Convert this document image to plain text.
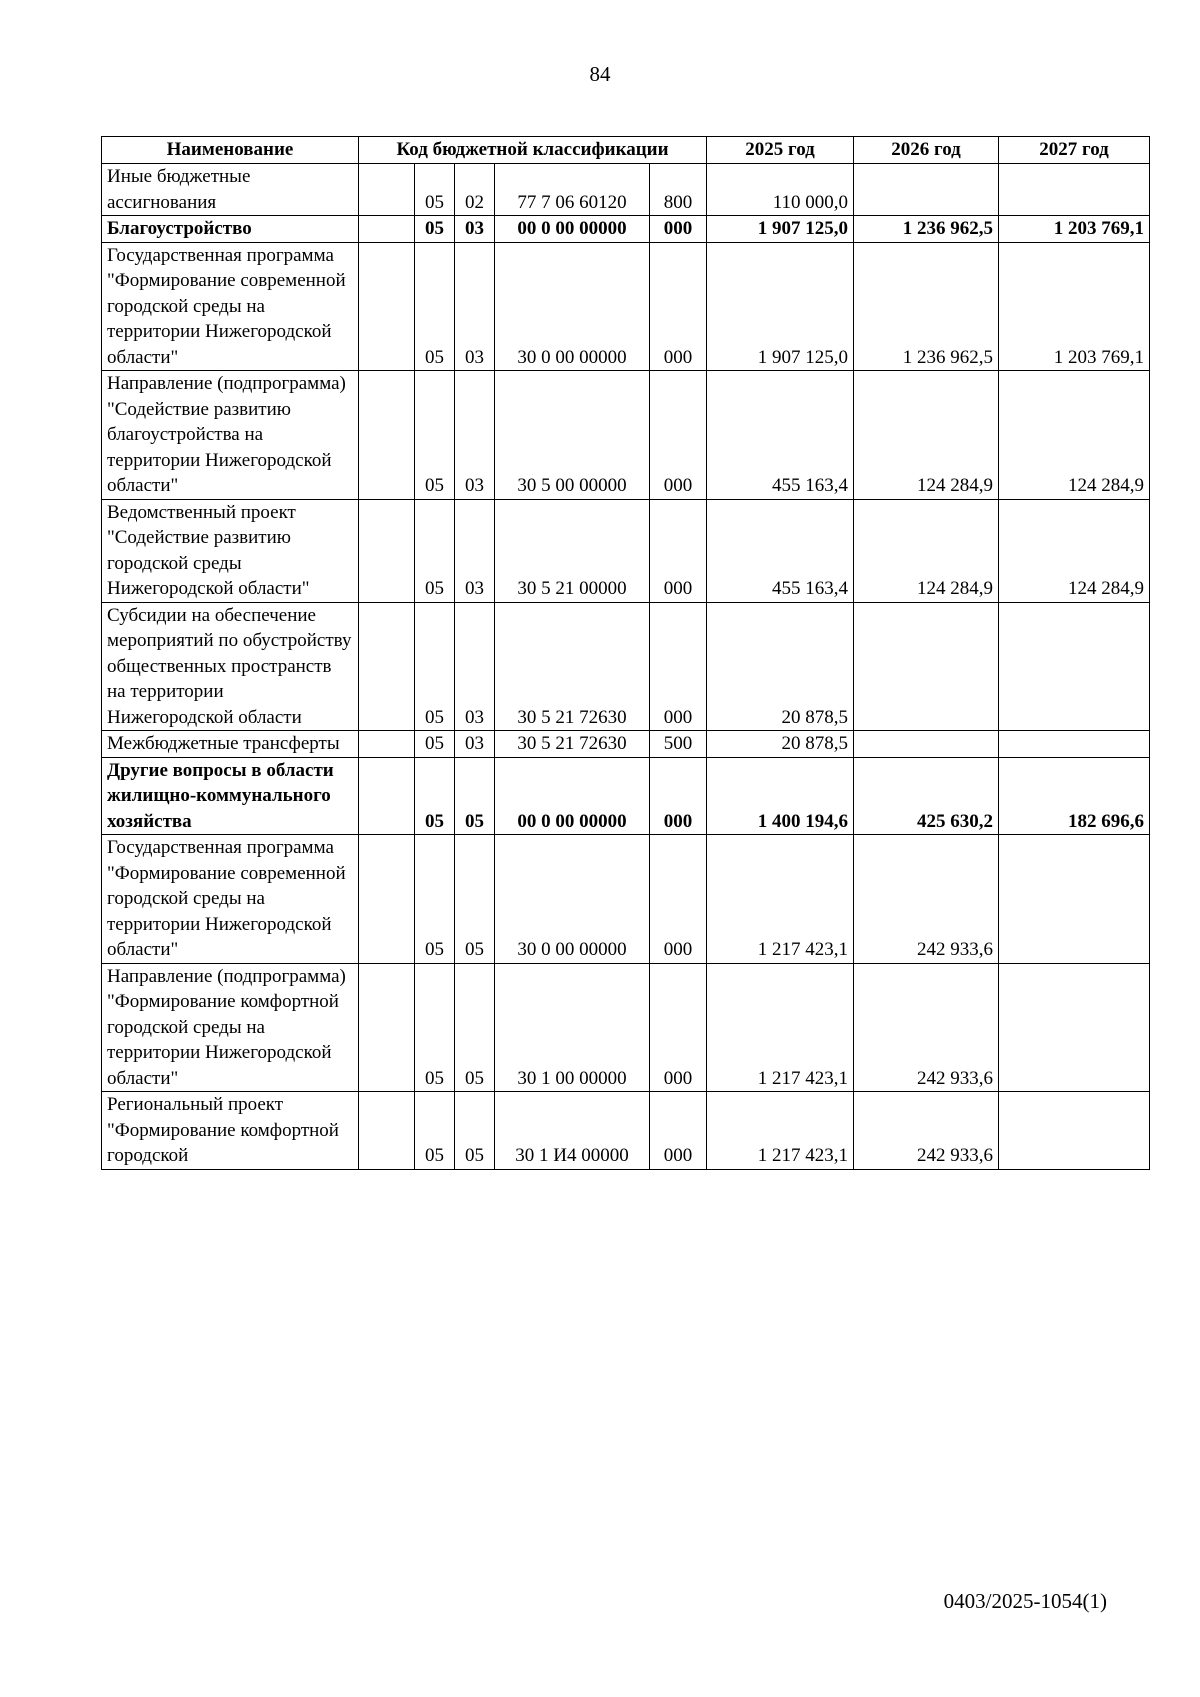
84
Наименование	Код бюджетной классификации					2025 год	2026 год	2027 год
Иные бюджетные ассигнования		05	02	77 7 06 60120	800	110 000,0		
Благоустройство		05	03	00 0 00 00000	000	1 907 125,0	1 236 962,5	1 203 769,1
Государственная программа "Формирование современной городской среды на территории Нижегородской области"		05	03	30 0 00 00000	000	1 907 125,0	1 236 962,5	1 203 769,1
Направление (подпрограмма) "Содействие развитию благоустройства на территории Нижегородской области"		05	03	30 5 00 00000	000	455 163,4	124 284,9	124 284,9
Ведомственный проект "Содействие развитию городской среды Нижегородской области"		05	03	30 5 21 00000	000	455 163,4	124 284,9	124 284,9
Субсидии на обеспечение мероприятий по обустройству общественных пространств на территории Нижегородской области		05	03	30 5 21 72630	000	20 878,5		
Межбюджетные трансферты		05	03	30 5 21 72630	500	20 878,5		
Другие вопросы в области жилищно-коммунального хозяйства		05	05	00 0 00 00000	000	1 400 194,6	425 630,2	182 696,6
Государственная программа "Формирование современной городской среды на территории Нижегородской области"		05	05	30 0 00 00000	000	1 217 423,1	242 933,6	
Направление (подпрограмма) "Формирование комфортной городской среды на территории Нижегородской области"		05	05	30 1 00 00000	000	1 217 423,1	242 933,6	
Региональный проект "Формирование комфортной городской		05	05	30 1 И4 00000	000	1 217 423,1	242 933,6	
0403/2025-1054(1)
